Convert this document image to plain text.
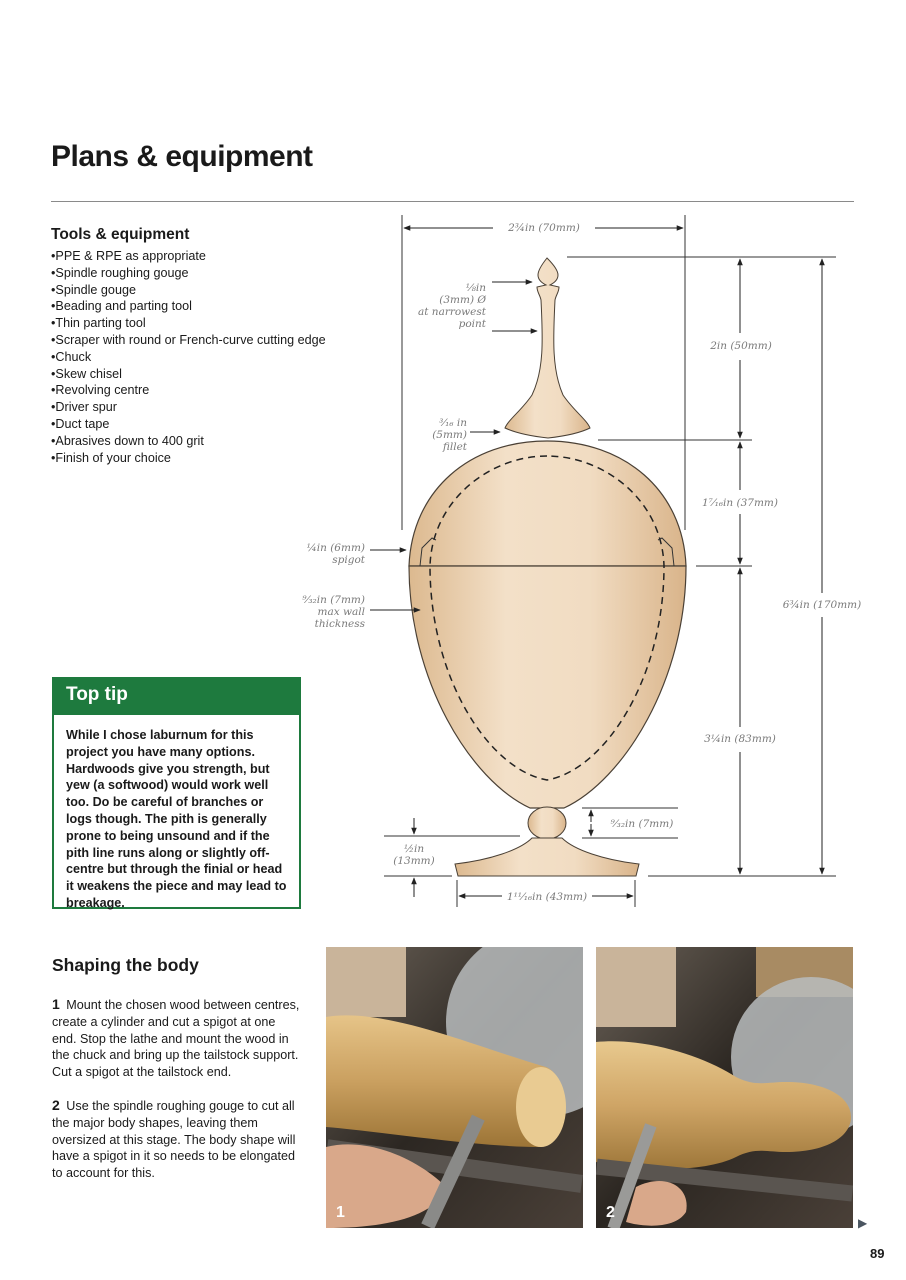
Plans & equipment
Tools & equipment
• PPE & RPE as appropriate
• Spindle roughing gouge
• Spindle gouge
• Beading and parting tool
• Thin parting tool
• Scraper with round or French-curve cutting edge
• Chuck
• Skew chisel
• Revolving centre
• Driver spur
• Duct tape
• Abrasives down to 400 grit
• Finish of your choice
2¾in (70mm)
2in (50mm)
1⁷⁄₁₆in (37mm)
3¼in (83mm)
6¾in (170mm)
⅛in
(3mm) Ø
at narrowest
point
³⁄₁₆ in
(5mm)
fillet
¼in (6mm)
spigot
⁹⁄₃₂in (7mm)
max wall
thickness
⁹⁄₃₂in (7mm)
½in
(13mm)
1¹¹⁄₁₆in (43mm)
Top tip
While I chose laburnum for this project you have many options. Hardwoods give you strength, but yew (a softwood) would work well too. Do be careful of branches or logs though. The pith is generally prone to being unsound and if the pith line runs along or slightly off-centre but through the finial or head it weakens the piece and may lead to breakage.
Shaping the body

1 Mount the chosen wood between centres, create a cylinder and cut a spigot at one end. Stop the lathe and mount the wood in the chuck and bring up the tailstock support. Cut a spigot at the tailstock end.

2 Use the spindle roughing gouge to cut all the major body shapes, leaving them oversized at this stage. The body shape will have a spigot in it so needs to be elongated to account for this.

1	2
▶
89
